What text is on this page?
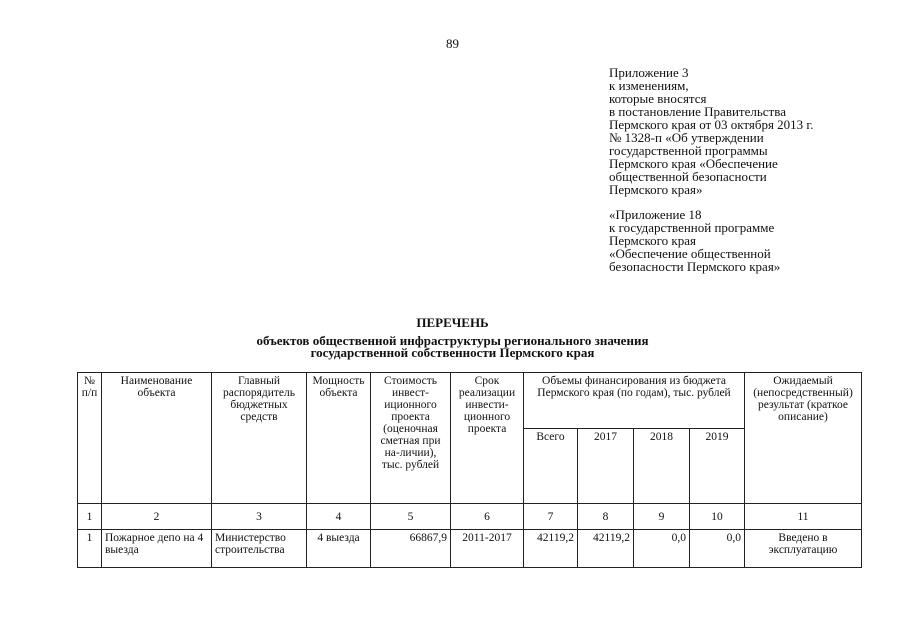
89
Приложение 3
к изменениям,
которые вносятся
в постановление Правительства
Пермского края от 03 октября 2013 г.
№ 1328-п «Об утверждении
государственной программы
Пермского края «Обеспечение
общественной безопасности
Пермского края»
«Приложение 18
к государственной программе
Пермского края
«Обеспечение общественной
безопасности Пермского края»
ПЕРЕЧЕНЬ
объектов общественной инфраструктуры регионального значения
государственной собственности Пермского края
№ п/п	Наименование объекта	Главный распорядитель бюджетных средств	Мощность объекта	Стоимость инвест-иционного проекта (оценочная сметная при на-личии), тыс. рублей	Срок реализации инвести-ционного проекта	Объемы финансирования из бюджета Пермского края (по годам), тыс. рублей				Ожидаемый (непосредственный) результат (краткое описание)
						Всего	2017	2018	2019	
1	2	3	4	5	6	7	8	9	10	11
1	Пожарное депо на 4 выезда	Министерство строительства	4 выезда	66867,9	2011-2017	42119,2	42119,2	0,0	0,0	Введено в эксплуатацию
